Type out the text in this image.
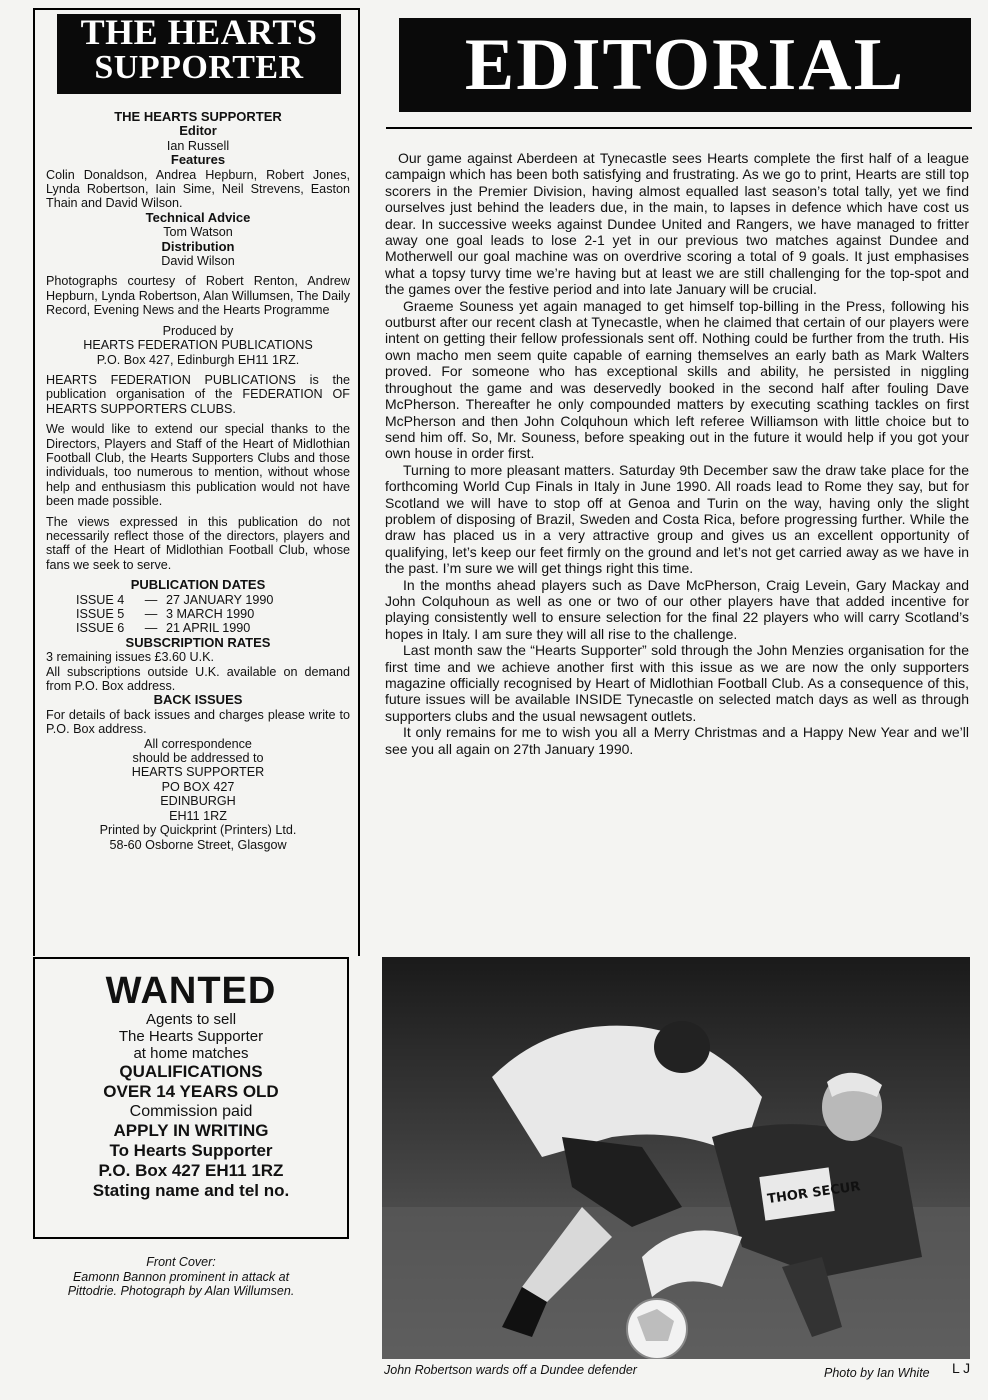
THE HEARTS
SUPPORTER

THE HEARTS SUPPORTER

Editor

Ian Russell

Features

Colin Donaldson, Andrea Hepburn, Robert Jones, Lynda Robertson, Iain Sime, Neil Strevens, Easton Thain and David Wilson.

Technical Advice

Tom Watson

Distribution

David Wilson

Photographs courtesy of Robert Renton, Andrew Hepburn, Lynda Robertson, Alan Willumsen, The Daily Record, Evening News and the Hearts Programme

Produced by

HEARTS FEDERATION PUBLICATIONS

P.O. Box 427, Edinburgh EH11 1RZ.

HEARTS FEDERATION PUBLICATIONS is the publication organisation of the FEDERATION OF HEARTS SUPPORTERS CLUBS.

We would like to extend our special thanks to the Directors, Players and Staff of the Heart of Midlothian Football Club, the Hearts Supporters Clubs and those individuals, too numerous to mention, without whose help and enthusiasm this publication would not have been made possible.

The views expressed in this publication do not necessarily reflect those of the directors, players and staff of the Heart of Midlothian Football Club, whose fans we seek to serve.

PUBLICATION DATES

ISSUE 4 — 27 JANUARY 1990
ISSUE 5 — 3 MARCH 1990
ISSUE 6 — 21 APRIL 1990

SUBSCRIPTION RATES

3 remaining issues £3.60 U.K.

All subscriptions outside U.K. available on demand from P.O. Box address.

BACK ISSUES

For details of back issues and charges please write to P.O. Box address.

All correspondence

should be addressed to

HEARTS SUPPORTER

PO BOX 427

EDINBURGH

EH11 1RZ

Printed by Quickprint (Printers) Ltd.

58-60 Osborne Street, Glasgow

WANTED
Agents to sell
The Hearts Supporter
at home matches
QUALIFICATIONS
OVER 14 YEARS OLD
Commission paid
APPLY IN WRITING
To Hearts Supporter
P.O. Box 427 EH11 1RZ
Stating name and tel no.
Front Cover:
Eamonn Bannon prominent in attack at
Pittodrie. Photograph by Alan Willumsen.
EDITORIAL

Our game against Aberdeen at Tynecastle sees Hearts complete the first half of a league campaign which has been both satisfying and frustrating. As we go to print, Hearts are still top scorers in the Premier Division, having almost equalled last season’s total tally, yet we find ourselves just behind the leaders due, in the main, to lapses in defence which have cost us dear. In successive weeks against Dundee United and Rangers, we have managed to fritter away one goal leads to lose 2-1 yet in our previous two matches against Dundee and Motherwell our goal machine was on overdrive scoring a total of 9 goals. It just emphasises what a topsy turvy time we’re having but at least we are still challenging for the top-spot and the games over the festive period and into late January will be crucial.

Graeme Souness yet again managed to get himself top-billing in the Press, following his outburst after our recent clash at Tynecastle, when he claimed that certain of our players were intent on getting their fellow professionals sent off. Nothing could be further from the truth. His own macho men seem quite capable of earning themselves an early bath as Mark Walters proved. For someone who has exceptional skills and ability, he persisted in niggling throughout the game and was deservedly booked in the second half after fouling Dave McPherson. Thereafter he only compounded matters by executing scathing tackles on first McPherson and then John Colquhoun which left referee Williamson with little choice but to send him off. So, Mr. Souness, before speaking out in the future it would help if you got your own house in order first.

Turning to more pleasant matters. Saturday 9th December saw the draw take place for the forthcoming World Cup Finals in Italy in June 1990. All roads lead to Rome they say, but for Scotland we will have to stop off at Genoa and Turin on the way, having only the slight problem of disposing of Brazil, Sweden and Costa Rica, before progressing further. While the draw has placed us in a very attractive group and gives us an excellent opportunity of qualifying, let’s keep our feet firmly on the ground and let’s not get carried away as we have in the past. I’m sure we will get things right this time.

In the months ahead players such as Dave McPherson, Craig Levein, Gary Mackay and John Colquhoun as well as one or two of our other players have that added incentive for playing consistently well to ensure selection for the final 22 players who will carry Scotland’s hopes in Italy. I am sure they will all rise to the challenge.

Last month saw the “Hearts Supporter” sold through the John Menzies organisation for the first time and we achieve another first with this issue as we are now the only supporters magazine officially recognised by Heart of Midlothian Football Club. As a consequence of this, future issues will be available INSIDE Tynecastle on selected match days as well as through supporters clubs and the usual newsagent outlets.

It only remains for me to wish you all a Merry Christmas and a Happy New Year and we’ll see you all again on 27th January 1990.

THOR SECUR
John Robertson wards off a Dundee defender	Photo by Ian White L J
